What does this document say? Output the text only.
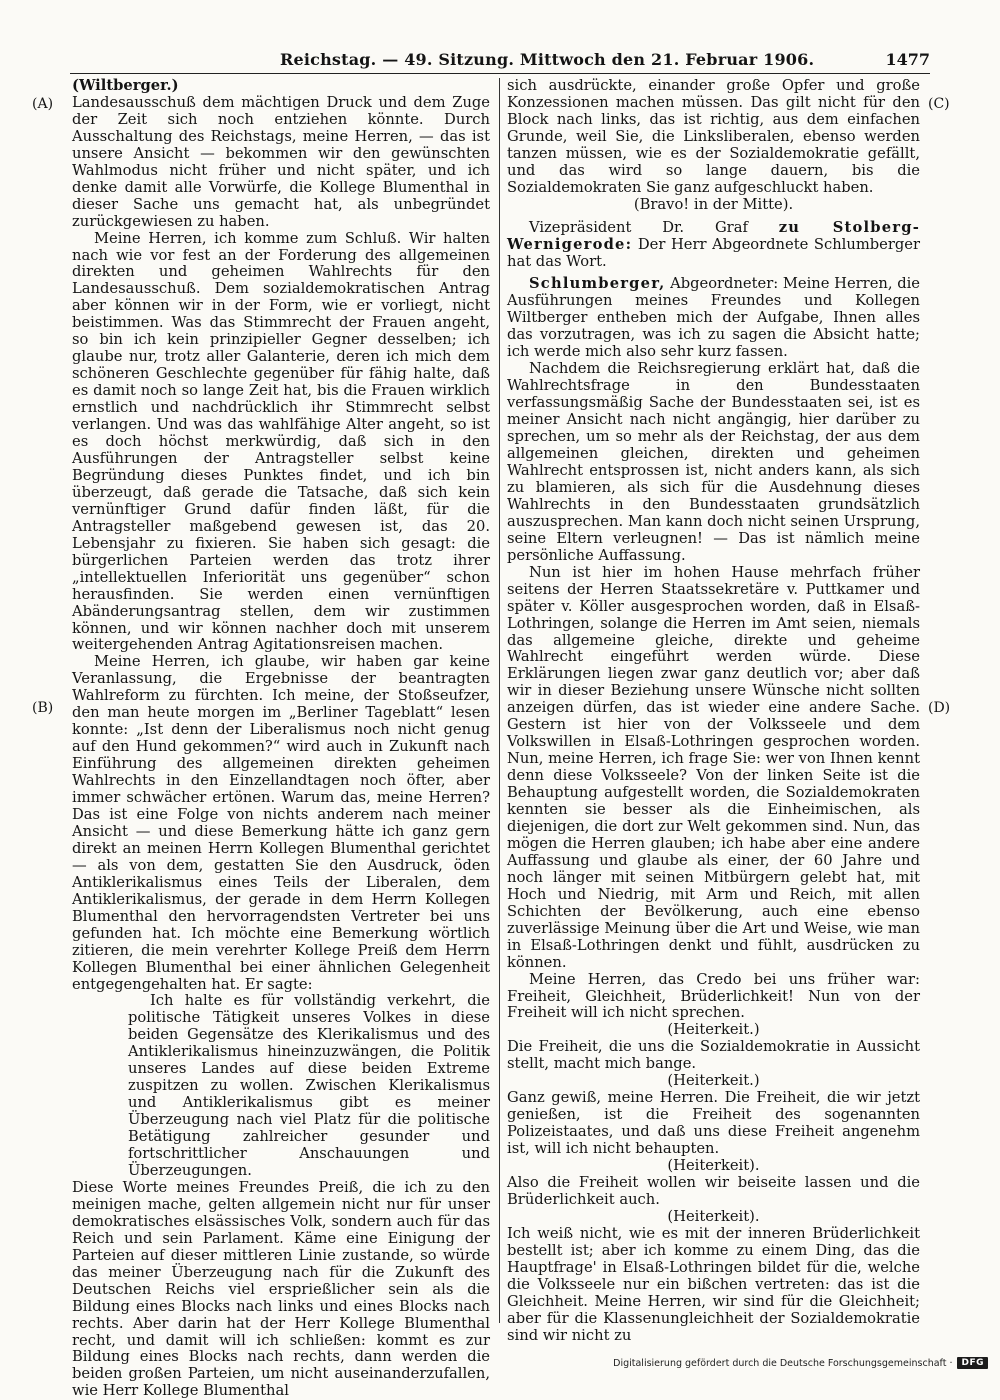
Reichstag. — 49. Sitzung. Mittwoch den 21. Februar 1906.	1477
(A)
(B)
(C)
(D)

(Wiltberger.)

Landesausschuß dem mächtigen Druck und dem Zuge der Zeit sich noch entziehen könnte. Durch Ausschaltung des Reichstags, meine Herren, — das ist unsere Ansicht — bekommen wir den gewünschten Wahlmodus nicht früher und nicht später, und ich denke damit alle Vorwürfe, die Kollege Blumenthal in dieser Sache uns gemacht hat, als unbegründet zurückgewiesen zu haben.

Meine Herren, ich komme zum Schluß. Wir halten nach wie vor fest an der Forderung des allgemeinen direkten und geheimen Wahlrechts für den Landesausschuß. Dem sozialdemokratischen Antrag aber können wir in der Form, wie er vorliegt, nicht beistimmen. Was das Stimmrecht der Frauen angeht, so bin ich kein prinzipieller Gegner desselben; ich glaube nur, trotz aller Galanterie, deren ich mich dem schöneren Geschlechte gegenüber für fähig halte, daß es damit noch so lange Zeit hat, bis die Frauen wirklich ernstlich und nachdrücklich ihr Stimmrecht selbst verlangen. Und was das wahlfähige Alter angeht, so ist es doch höchst merkwürdig, daß sich in den Ausführungen der Antragsteller selbst keine Begründung dieses Punktes findet, und ich bin überzeugt, daß gerade die Tatsache, daß sich kein vernünftiger Grund dafür finden läßt, für die Antragsteller maßgebend gewesen ist, das 20. Lebensjahr zu fixieren. Sie haben sich gesagt: die bürgerlichen Parteien werden das trotz ihrer „intellektuellen Inferiorität uns gegenüber“ schon herausfinden. Sie werden einen vernünftigen Abänderungsantrag stellen, dem wir zustimmen können, und wir können nachher doch mit unserem weitergehenden Antrag Agitationsreisen machen.

Meine Herren, ich glaube, wir haben gar keine Veranlassung, die Ergebnisse der beantragten Wahlreform zu fürchten. Ich meine, der Stoßseufzer, den man heute morgen im „Berliner Tageblatt“ lesen konnte: „Ist denn der Liberalismus noch nicht genug auf den Hund gekommen?“ wird auch in Zukunft nach Einführung des allgemeinen direkten geheimen Wahlrechts in den Einzellandtagen noch öfter, aber immer schwächer ertönen. Warum das, meine Herren? Das ist eine Folge von nichts anderem nach meiner Ansicht — und diese Bemerkung hätte ich ganz gern direkt an meinen Herrn Kollegen Blumenthal gerichtet — als von dem, gestatten Sie den Ausdruck, öden Antiklerikalismus eines Teils der Liberalen, dem Antiklerikalismus, der gerade in dem Herrn Kollegen Blumenthal den hervorragendsten Vertreter bei uns gefunden hat. Ich möchte eine Bemerkung wörtlich zitieren, die mein verehrter Kollege Preiß dem Herrn Kollegen Blumenthal bei einer ähnlichen Gelegenheit entgegengehalten hat. Er sagte:

Ich halte es für vollständig verkehrt, die politische Tätigkeit unseres Volkes in diese beiden Gegensätze des Klerikalismus und des Antiklerikalismus hineinzuzwängen, die Politik unseres Landes auf diese beiden Extreme zuspitzen zu wollen. Zwischen Klerikalismus und Antiklerikalismus gibt es meiner Überzeugung nach viel Platz für die politische Betätigung zahlreicher gesunder und fortschrittlicher Anschauungen und Überzeugungen.

Diese Worte meines Freundes Preiß, die ich zu den meinigen mache, gelten allgemein nicht nur für unser demokratisches elsässisches Volk, sondern auch für das Reich und sein Parlament. Käme eine Einigung der Parteien auf dieser mittleren Linie zustande, so würde das meiner Überzeugung nach für die Zukunft des Deutschen Reichs viel ersprießlicher sein als die Bildung eines Blocks nach links und eines Blocks nach rechts. Aber darin hat der Herr Kollege Blumenthal recht, und damit will ich schließen: kommt es zur Bildung eines Blocks nach rechts, dann werden die beiden großen Parteien, um nicht auseinanderzufallen, wie Herr Kollege Blumenthal

sich ausdrückte, einander große Opfer und große Konzessionen machen müssen. Das gilt nicht für den Block nach links, das ist richtig, aus dem einfachen Grunde, weil Sie, die Linksliberalen, ebenso werden tanzen müssen, wie es der Sozialdemokratie gefällt, und das wird so lange dauern, bis die Sozialdemokraten Sie ganz aufgeschluckt haben.

(Bravo! in der Mitte).

Vizepräsident Dr. Graf zu Stolberg-Wernigerode: Der Herr Abgeordnete Schlumberger hat das Wort.

Schlumberger, Abgeordneter: Meine Herren, die Ausführungen meines Freundes und Kollegen Wiltberger entheben mich der Aufgabe, Ihnen alles das vorzutragen, was ich zu sagen die Absicht hatte; ich werde mich also sehr kurz fassen.

Nachdem die Reichsregierung erklärt hat, daß die Wahlrechtsfrage in den Bundesstaaten verfassungsmäßig Sache der Bundesstaaten sei, ist es meiner Ansicht nach nicht angängig, hier darüber zu sprechen, um so mehr als der Reichstag, der aus dem allgemeinen gleichen, direkten und geheimen Wahlrecht entsprossen ist, nicht anders kann, als sich zu blamieren, als sich für die Ausdehnung dieses Wahlrechts in den Bundesstaaten grundsätzlich auszusprechen. Man kann doch nicht seinen Ursprung, seine Eltern verleugnen! — Das ist nämlich meine persönliche Auffassung.

Nun ist hier im hohen Hause mehrfach früher seitens der Herren Staatssekretäre v. Puttkamer und später v. Köller ausgesprochen worden, daß in Elsaß-Lothringen, solange die Herren im Amt seien, niemals das allgemeine gleiche, direkte und geheime Wahlrecht eingeführt werden würde. Diese Erklärungen liegen zwar ganz deutlich vor; aber daß wir in dieser Beziehung unsere Wünsche nicht sollten anzeigen dürfen, das ist wieder eine andere Sache. Gestern ist hier von der Volksseele und dem Volkswillen in Elsaß-Lothringen gesprochen worden. Nun, meine Herren, ich frage Sie: wer von Ihnen kennt denn diese Volksseele? Von der linken Seite ist die Behauptung aufgestellt worden, die Sozialdemokraten kennten sie besser als die Einheimischen, als diejenigen, die dort zur Welt gekommen sind. Nun, das mögen die Herren glauben; ich habe aber eine andere Auffassung und glaube als einer, der 60 Jahre und noch länger mit seinen Mitbürgern gelebt hat, mit Hoch und Niedrig, mit Arm und Reich, mit allen Schichten der Bevölkerung, auch eine ebenso zuverlässige Meinung über die Art und Weise, wie man in Elsaß-Lothringen denkt und fühlt, ausdrücken zu können.

Meine Herren, das Credo bei uns früher war: Freiheit, Gleichheit, Brüderlichkeit! Nun von der Freiheit will ich nicht sprechen.

(Heiterkeit.)

Die Freiheit, die uns die Sozialdemokratie in Aussicht stellt, macht mich bange.

(Heiterkeit.)

Ganz gewiß, meine Herren. Die Freiheit, die wir jetzt genießen, ist die Freiheit des sogenannten Polizeistaates, und daß uns diese Freiheit angenehm ist, will ich nicht behaupten.

(Heiterkeit).

Also die Freiheit wollen wir beiseite lassen und die Brüderlichkeit auch.

(Heiterkeit).

Ich weiß nicht, wie es mit der inneren Brüderlichkeit bestellt ist; aber ich komme zu einem Ding, das die Hauptfrage' in Elsaß-Lothringen bildet für die, welche die Volksseele nur ein bißchen vertreten: das ist die Gleichheit. Meine Herren, wir sind für die Gleichheit; aber für die Klassenungleichheit der Sozialdemokratie sind wir nicht zu

Digitalisierung gefördert durch die Deutsche Forschungsgemeinschaft ·	DFG
